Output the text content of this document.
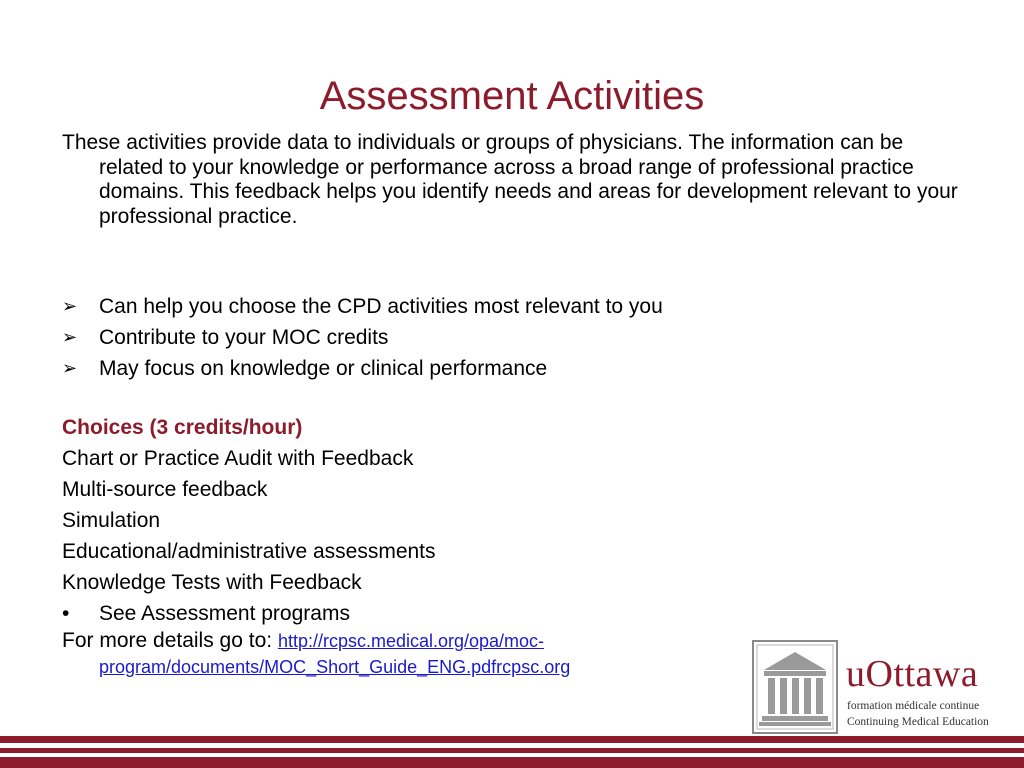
Assessment Activities
These activities provide data to individuals or groups of physicians. The information can be related to your knowledge or performance across a broad range of professional practice domains. This feedback helps you identify needs and areas for development relevant to your professional practice.
➢	Can help you choose the CPD activities most relevant to you
➢	Contribute to your MOC credits
➢	May focus on knowledge or clinical performance
Choices (3 credits/hour)
Chart or Practice Audit with Feedback
Multi-source feedback
Simulation
Educational/administrative assessments
Knowledge Tests with Feedback
•	See Assessment programs
For more details go to: http://rcpsc.medical.org/opa/moc-program/documents/MOC_Short_Guide_ENG.pdfrcpsc.org	uOttawa
formation médicale continue
Continuing Medical Education
